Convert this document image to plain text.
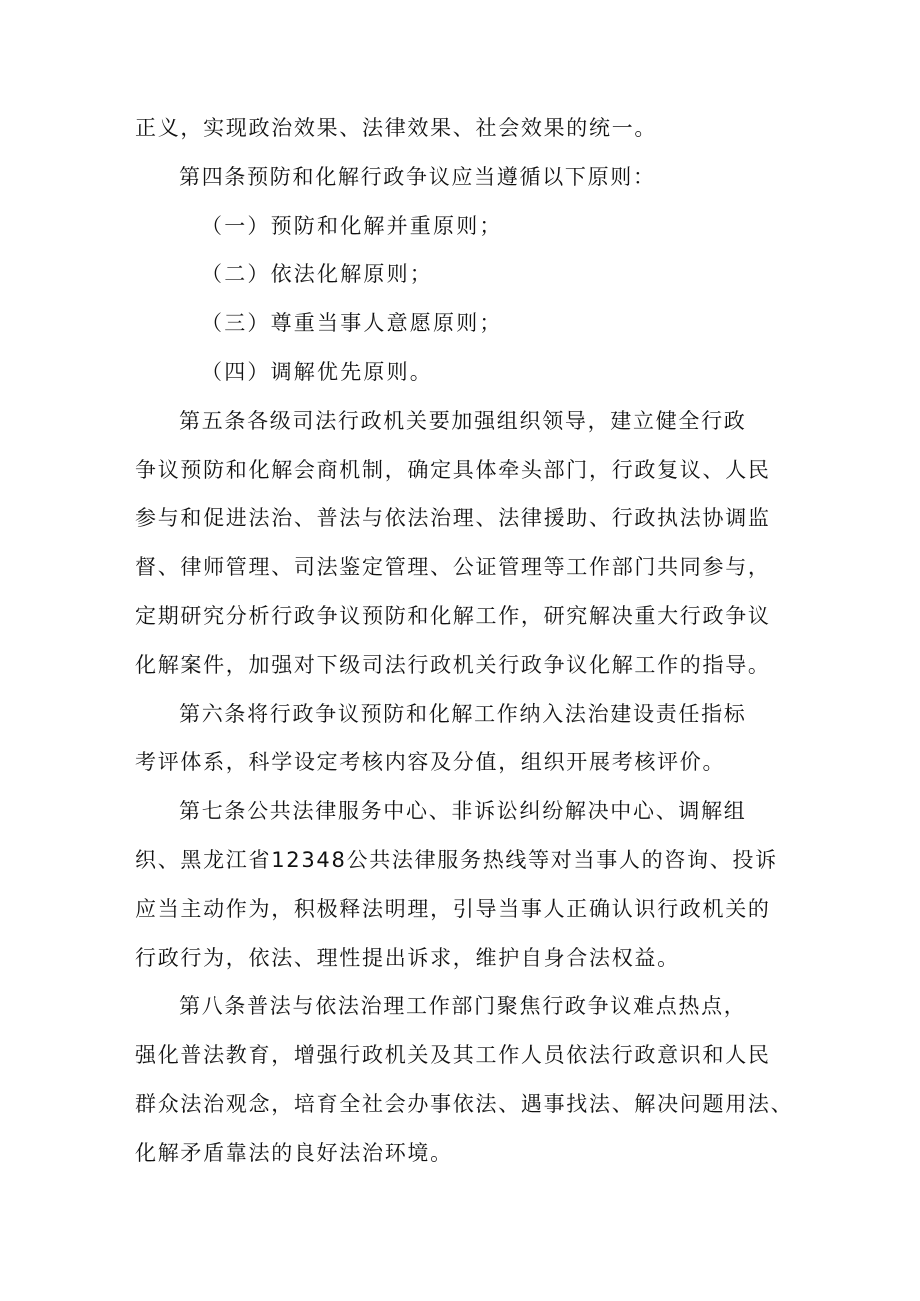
正义，实现政治效果、法律效果、社会效果的统一。
第四条预防和化解行政争议应当遵循以下原则：
（一）预防和化解并重原则；
（二）依法化解原则；
（三）尊重当事人意愿原则；
（四）调解优先原则。
第五条各级司法行政机关要加强组织领导，建立健全行政
争议预防和化解会商机制，确定具体牵头部门，行政复议、人民
参与和促进法治、普法与依法治理、法律援助、行政执法协调监
督、律师管理、司法鉴定管理、公证管理等工作部门共同参与，
定期研究分析行政争议预防和化解工作，研究解决重大行政争议
化解案件，加强对下级司法行政机关行政争议化解工作的指导。
第六条将行政争议预防和化解工作纳入法治建设责任指标
考评体系，科学设定考核内容及分值，组织开展考核评价。
第七条公共法律服务中心、非诉讼纠纷解决中心、调解组
织、黑龙江省12348公共法律服务热线等对当事人的咨询、投诉
应当主动作为，积极释法明理，引导当事人正确认识行政机关的
行政行为，依法、理性提出诉求，维护自身合法权益。
第八条普法与依法治理工作部门聚焦行政争议难点热点，
强化普法教育，增强行政机关及其工作人员依法行政意识和人民
群众法治观念，培育全社会办事依法、遇事找法、解决问题用法、
化解矛盾靠法的良好法治环境。
